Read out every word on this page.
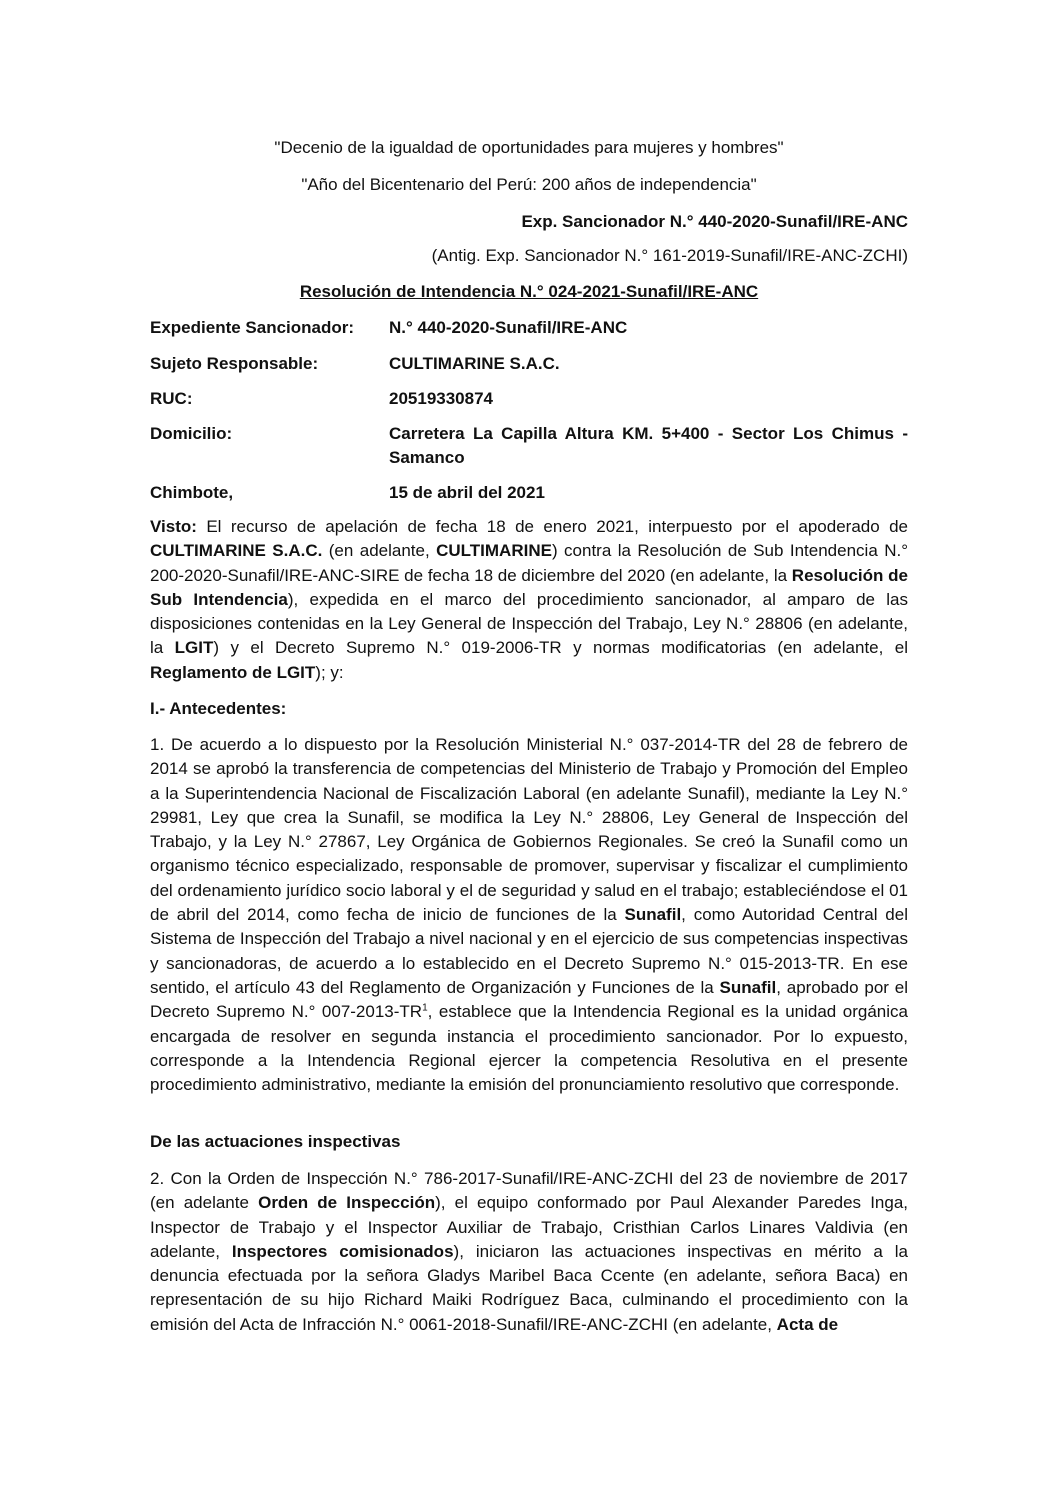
"Decenio de la igualdad de oportunidades para mujeres y hombres"
"Año del Bicentenario del Perú: 200 años de independencia"
Exp. Sancionador N.° 440-2020-Sunafil/IRE-ANC
(Antig. Exp. Sancionador N.° 161-2019-Sunafil/IRE-ANC-ZCHI)
Resolución de Intendencia N.° 024-2021-Sunafil/IRE-ANC
Expediente Sancionador: N.° 440-2020-Sunafil/IRE-ANC
Sujeto Responsable:	CULTIMARINE S.A.C.
RUC:	20519330874
Domicilio:	Carretera La Capilla Altura KM. 5+400 - Sector Los Chimus - Samanco
Chimbote,	15 de abril del 2021

Visto: El recurso de apelación de fecha 18 de enero 2021, interpuesto por el apoderado de CULTIMARINE S.A.C. (en adelante, CULTIMARINE) contra la Resolución de Sub Intendencia N.° 200-2020-Sunafil/IRE-ANC-SIRE de fecha 18 de diciembre del 2020 (en adelante, la Resolución de Sub Intendencia), expedida en el marco del procedimiento sancionador, al amparo de las disposiciones contenidas en la Ley General de Inspección del Trabajo, Ley N.° 28806 (en adelante, la LGIT) y el Decreto Supremo N.° 019-2006-TR y normas modificatorias (en adelante, el Reglamento de LGIT); y:

I.- Antecedentes:

1. De acuerdo a lo dispuesto por la Resolución Ministerial N.° 037-2014-TR del 28 de febrero de 2014 se aprobó la transferencia de competencias del Ministerio de Trabajo y Promoción del Empleo a la Superintendencia Nacional de Fiscalización Laboral (en adelante Sunafil), mediante la Ley N.° 29981, Ley que crea la Sunafil, se modifica la Ley N.° 28806, Ley General de Inspección del Trabajo, y la Ley N.° 27867, Ley Orgánica de Gobiernos Regionales. Se creó la Sunafil como un organismo técnico especializado, responsable de promover, supervisar y fiscalizar el cumplimiento del ordenamiento jurídico socio laboral y el de seguridad y salud en el trabajo; estableciéndose el 01 de abril del 2014, como fecha de inicio de funciones de la Sunafil, como Autoridad Central del Sistema de Inspección del Trabajo a nivel nacional y en el ejercicio de sus competencias inspectivas y sancionadoras, de acuerdo a lo establecido en el Decreto Supremo N.° 015-2013-TR. En ese sentido, el artículo 43 del Reglamento de Organización y Funciones de la Sunafil, aprobado por el Decreto Supremo N.° $007-2013-TR^1$, establece que la Intendencia Regional es la unidad orgánica encargada de resolver en segunda instancia el procedimiento sancionador. Por lo expuesto, corresponde a la Intendencia Regional ejercer la competencia Resolutiva en el presente procedimiento administrativo, mediante la emisión del pronunciamiento resolutivo que corresponde.

De las actuaciones inspectivas

2. Con la Orden de Inspección N.° 786-2017-Sunafil/IRE-ANC-ZCHI del 23 de noviembre de 2017 (en adelante Orden de Inspección), el equipo conformado por Paul Alexander Paredes Inga, Inspector de Trabajo y el Inspector Auxiliar de Trabajo, Cristhian Carlos Linares Valdivia (en adelante, Inspectores comisionados), iniciaron las actuaciones inspectivas en mérito a la denuncia efectuada por la señora Gladys Maribel Baca Ccente (en adelante, señora Baca) en representación de su hijo Richard Maiki Rodríguez Baca, culminando el procedimiento con la emisión del Acta de Infracción N.° 0061-2018-Sunafil/IRE-ANC-ZCHI (en adelante, Acta de
